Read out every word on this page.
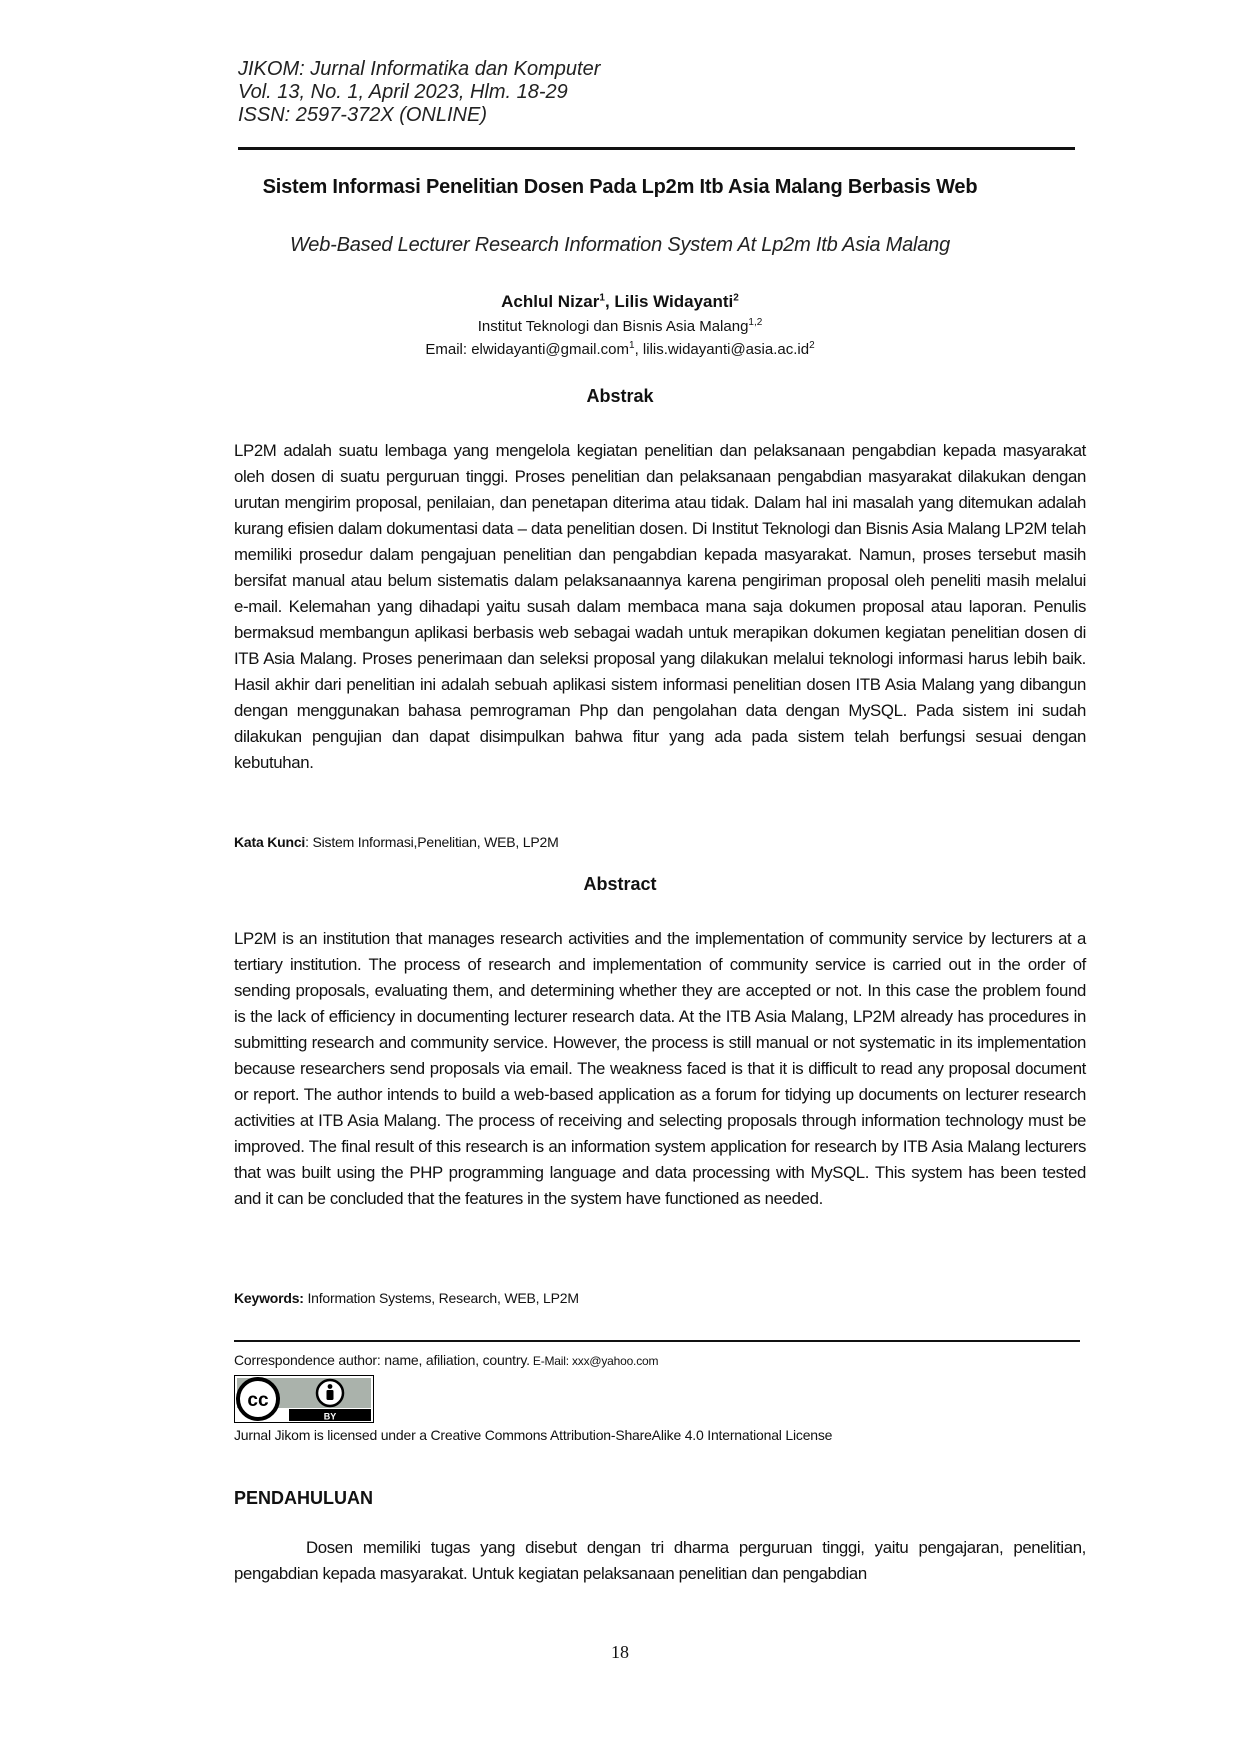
JIKOM: Jurnal Informatika dan Komputer
Vol. 13, No. 1, April 2023, Hlm. 18-29
ISSN: 2597-372X (ONLINE)
Sistem Informasi Penelitian Dosen Pada Lp2m Itb Asia Malang Berbasis Web
Web-Based Lecturer Research Information System At Lp2m Itb Asia Malang
Achlul Nizar$^1$, Lilis Widayanti$^2$
Institut Teknologi dan Bisnis Asia Malang$^{1,2}$
Email: elwidayanti@gmail.com$^1$, $lilis.widayanti@asia.ac.id^2$
Abstrak
LP2M adalah suatu lembaga yang mengelola kegiatan penelitian dan pelaksanaan pengabdian kepada masyarakat oleh dosen di suatu perguruan tinggi. Proses penelitian dan pelaksanaan pengabdian masyarakat dilakukan dengan urutan mengirim proposal, penilaian, dan penetapan diterima atau tidak. Dalam hal ini masalah yang ditemukan adalah kurang efisien dalam dokumentasi data – data penelitian dosen. Di Institut Teknologi dan Bisnis Asia Malang LP2M telah memiliki prosedur dalam pengajuan penelitian dan pengabdian kepada masyarakat. Namun, proses tersebut masih bersifat manual atau belum sistematis dalam pelaksanaannya karena pengiriman proposal oleh peneliti masih melalui e-mail. Kelemahan yang dihadapi yaitu susah dalam membaca mana saja dokumen proposal atau laporan. Penulis bermaksud membangun aplikasi berbasis web sebagai wadah untuk merapikan dokumen kegiatan penelitian dosen di ITB Asia Malang. Proses penerimaan dan seleksi proposal yang dilakukan melalui teknologi informasi harus lebih baik. Hasil akhir dari penelitian ini adalah sebuah aplikasi sistem informasi penelitian dosen ITB Asia Malang yang dibangun dengan menggunakan bahasa pemrograman Php dan pengolahan data dengan MySQL. Pada sistem ini sudah dilakukan pengujian dan dapat disimpulkan bahwa fitur yang ada pada sistem telah berfungsi sesuai dengan kebutuhan.
Kata Kunci: Sistem Informasi,Penelitian, WEB, LP2M
Abstract
LP2M is an institution that manages research activities and the implementation of community service by lecturers at a tertiary institution. The process of research and implementation of community service is carried out in the order of sending proposals, evaluating them, and determining whether they are accepted or not. In this case the problem found is the lack of efficiency in documenting lecturer research data. At the ITB Asia Malang, LP2M already has procedures in submitting research and community service. However, the process is still manual or not systematic in its implementation because researchers send proposals via email. The weakness faced is that it is difficult to read any proposal document or report. The author intends to build a web-based application as a forum for tidying up documents on lecturer research activities at ITB Asia Malang. The process of receiving and selecting proposals through information technology must be improved. The final result of this research is an information system application for research by ITB Asia Malang lecturers that was built using the PHP programming language and data processing with MySQL. This system has been tested and it can be concluded that the features in the system have functioned as needed.
Keywords: Information Systems, Research, WEB, LP2M
Correspondence author: name, afiliation, country. E-Mail: xxx@yahoo.com
cc
BY
Jurnal Jikom is licensed under a Creative Commons Attribution-ShareAlike 4.0 International License
PENDAHULUAN
Dosen memiliki tugas yang disebut dengan tri dharma perguruan tinggi, yaitu pengajaran, penelitian, pengabdian kepada masyarakat. Untuk kegiatan pelaksanaan penelitian dan pengabdian
18
